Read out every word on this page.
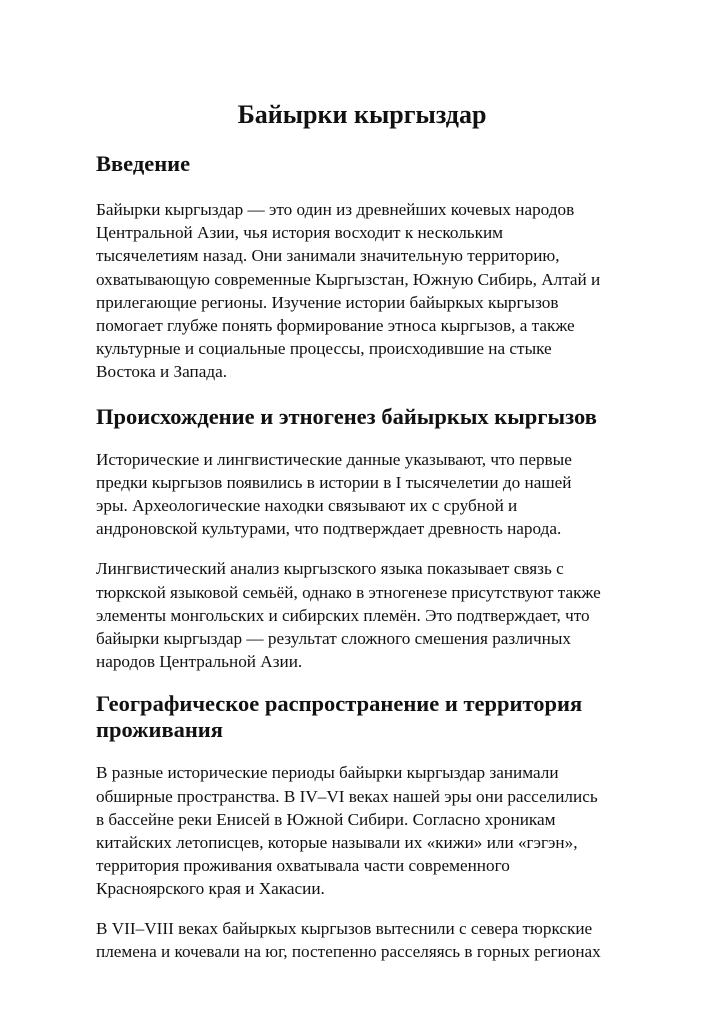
Байырки кыргыздар
Введение

Байырки кыргыздар — это один из древнейших кочевых народов
Центральной Азии, чья история восходит к нескольким
тысячелетиям назад. Они занимали значительную территорию,
охватывающую современные Кыргызстан, Южную Сибирь, Алтай и
прилегающие регионы. Изучение истории байыркых кыргызов
помогает глубже понять формирование этноса кыргызов, а также
культурные и социальные процессы, происходившие на стыке
Востока и Запада.

Происхождение и этногенез байыркых кыргызов

Исторические и лингвистические данные указывают, что первые
предки кыргызов появились в истории в I тысячелетии до нашей
эры. Археологические находки связывают их с срубной и
андроновской культурами, что подтверждает древность народа.

Лингвистический анализ кыргызского языка показывает связь с
тюркской языковой семьёй, однако в этногенезе присутствуют также
элементы монгольских и сибирских племён. Это подтверждает, что
байырки кыргыздар — результат сложного смешения различных
народов Центральной Азии.

Географическое распространение и территория
проживания

В разные исторические периоды байырки кыргыздар занимали
обширные пространства. В IV–VI веках нашей эры они расселились
в бассейне реки Енисей в Южной Сибири. Согласно хроникам
китайских летописцев, которые называли их «кижи» или «гэгэн»,
территория проживания охватывала части современного
Красноярского края и Хакасии.

В VII–VIII веках байыркых кыргызов вытеснили с севера тюркские
племена и кочевали на юг, постепенно расселяясь в горных регионах
